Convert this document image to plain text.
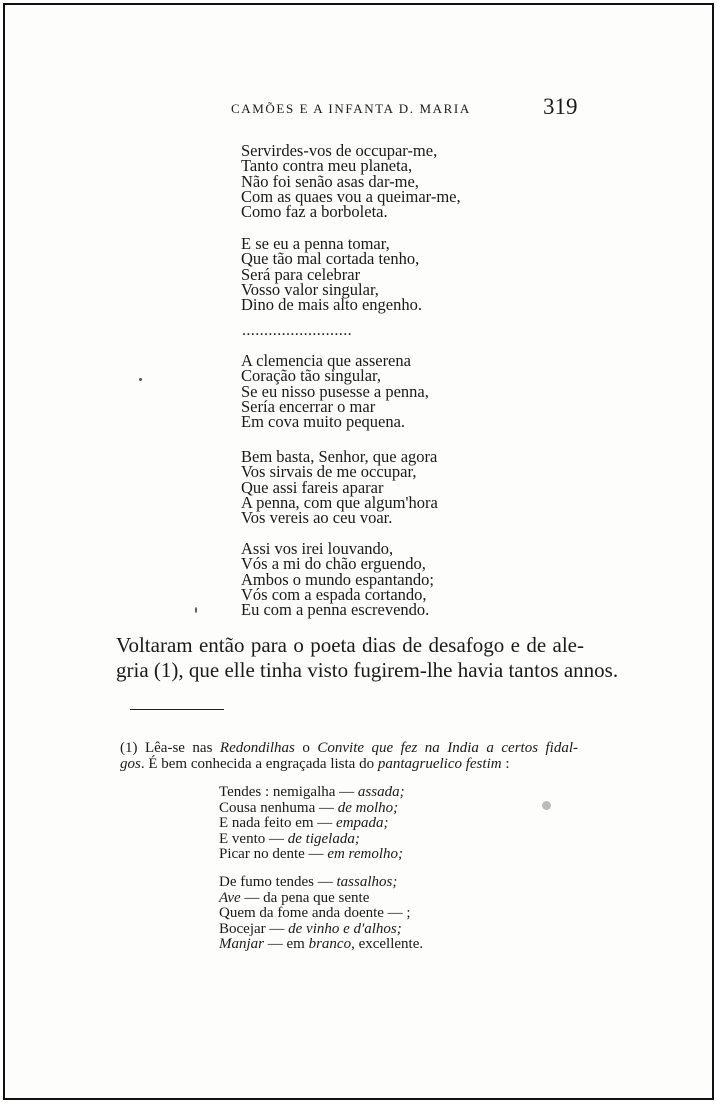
CAMÕES E A INFANTA D. MARIA	319
Servirdes-vos de occupar-me,
Tanto contra meu planeta,
Não foi senão asas dar-me,
Com as quaes vou a queimar-me,
Como faz a borboleta.
E se eu a penna tomar,
Que tão mal cortada tenho,
Será para celebrar
Vosso valor singular,
Dino de mais alto engenho.
.........................
A clemencia que asserena
Coração tão singular,
Se eu nisso pusesse a penna,
Sería encerrar o mar
Em cova muito pequena.
Bem basta, Senhor, que agora
Vos sirvais de me occupar,
Que assi fareis aparar
A penna, com que algum'hora
Vos vereis ao ceu voar.
Assi vos irei louvando,
Vós a mi do chão erguendo,
Ambos o mundo espantando;
Vós com a espada cortando,
Eu com a penna escrevendo.
Voltaram então para o poeta dias de desafogo e de ale-
gria (1), que elle tinha visto fugirem-lhe havia tantos annos.
(1) Lêa-se nas Redondilhas o Convite que fez na India a certos fidal-
gos. É bem conhecida a engraçada lista do pantagruelico festim :
Tendes : nemigalha — assada;
Cousa nenhuma — de molho;
E nada feito em — empada;
E vento — de tigelada;
Picar no dente — em remolho;
De fumo tendes — tassalhos;
Ave — da pena que sente
Quem da fome anda doente — ;
Bocejar — de vinho e d'alhos;
Manjar — em branco, excellente.
